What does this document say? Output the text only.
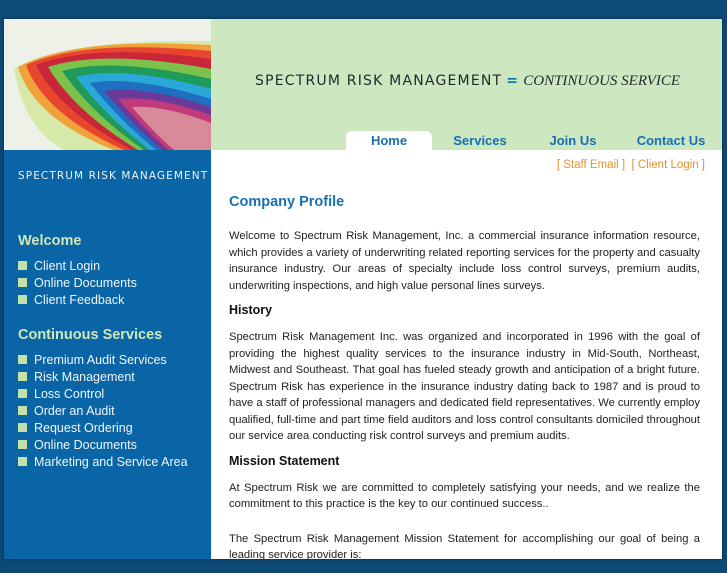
SPECTRUM RISK MANAGEMENT = CONTINUOUS SERVICE
Home	Services	Join Us	Contact Us
SPECTRUM RISK MANAGEMENT
Welcome
Client Login
Online Documents
Client Feedback
Continuous Services
Premium Audit Services
Risk Management
Loss Control
Order an Audit
Request Ordering
Online Documents
Marketing and Service Area
[ Staff Email ] [ Client Login ]
Company Profile

Welcome to Spectrum Risk Management, Inc. a commercial insurance information resource, which provides a variety of underwriting related reporting services for the property and casualty insurance industry. Our areas of specialty include loss control surveys, premium audits, underwriting inspections, and high value personal lines surveys.

History

Spectrum Risk Management Inc. was organized and incorporated in 1996 with the goal of providing the highest quality services to the insurance industry in Mid-South, Northeast, Midwest and Southeast. That goal has fueled steady growth and anticipation of a bright future. Spectrum Risk has experience in the insurance industry dating back to 1987 and is proud to have a staff of professional managers and dedicated field representatives. We currently employ qualified, full-time and part time field auditors and loss control consultants domiciled throughout our service area conducting risk control surveys and premium audits.

Mission Statement

At Spectrum Risk we are committed to completely satisfying your needs, and we realize the commitment to this practice is the key to our continued success..

The Spectrum Risk Management Mission Statement for accomplishing our goal of being a leading service provider is:
